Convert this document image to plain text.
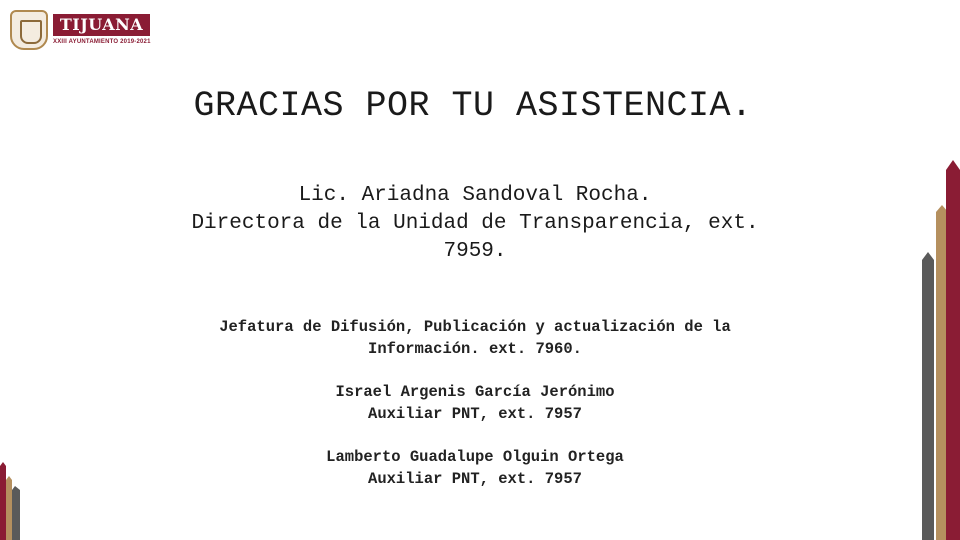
TIJUANA
XXIII AYUNTAMIENTO 2019-2021
GRACIAS POR TU ASISTENCIA.
Lic. Ariadna Sandoval Rocha.
Directora de la Unidad de Transparencia, ext.
7959.
Jefatura de Difusión, Publicación y actualización de la
Información. ext. 7960.
Israel Argenis García Jerónimo
Auxiliar PNT, ext. 7957
Lamberto Guadalupe Olguin Ortega
Auxiliar PNT, ext. 7957
